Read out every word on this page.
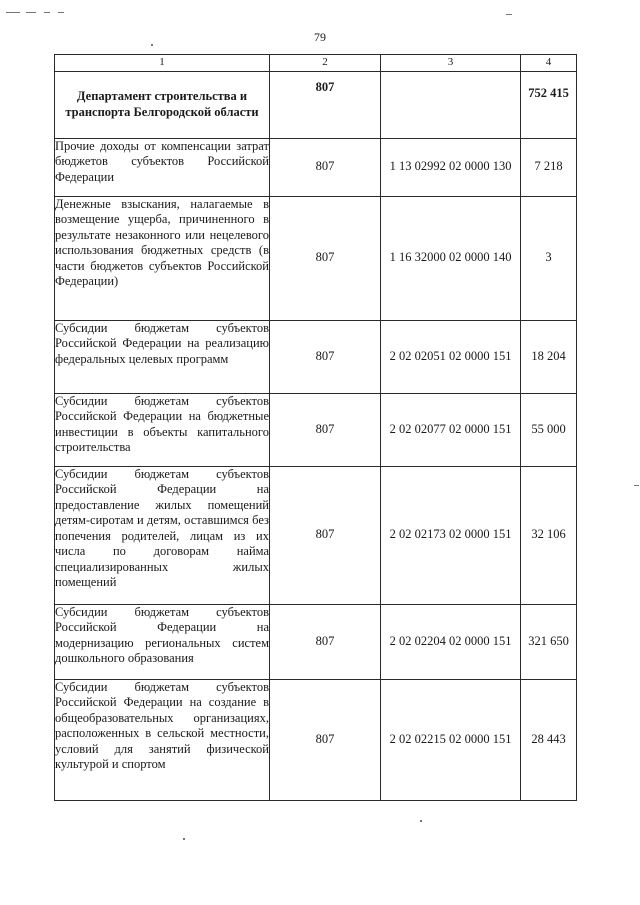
79
1	2	3	4
Департамент строительства и транспорта Белгородской области	807		752 415
Прочие доходы от компенсации затрат бюджетов субъектов Российской Федерации	807	1 13 02992 02 0000 130	7 218
Денежные взыскания, налагаемые в возмещение ущерба, причиненного в результате незаконного или нецелевого использования бюджетных средств (в части бюджетов субъектов Российской Федерации)	807	1 16 32000 02 0000 140	3
Субсидии бюджетам субъектов Российской Федерации на реализацию федеральных целевых программ	807	2 02 02051 02 0000 151	18 204
Субсидии бюджетам субъектов Российской Федерации на бюджетные инвестиции в объекты капитального строительства	807	2 02 02077 02 0000 151	55 000
Субсидии бюджетам субъектов Российской Федерации на предоставление жилых помещений детям-сиротам и детям, оставшимся без попечения родителей, лицам из их числа по договорам найма специализированных жилых помещений	807	2 02 02173 02 0000 151	32 106
Субсидии бюджетам субъектов Российской Федерации на модернизацию региональных систем дошкольного образования	807	2 02 02204 02 0000 151	321 650
Субсидии бюджетам субъектов Российской Федерации на создание в общеобразовательных организациях, расположенных в сельской местности, условий для занятий физической культурой и спортом	807	2 02 02215 02 0000 151	28 443
